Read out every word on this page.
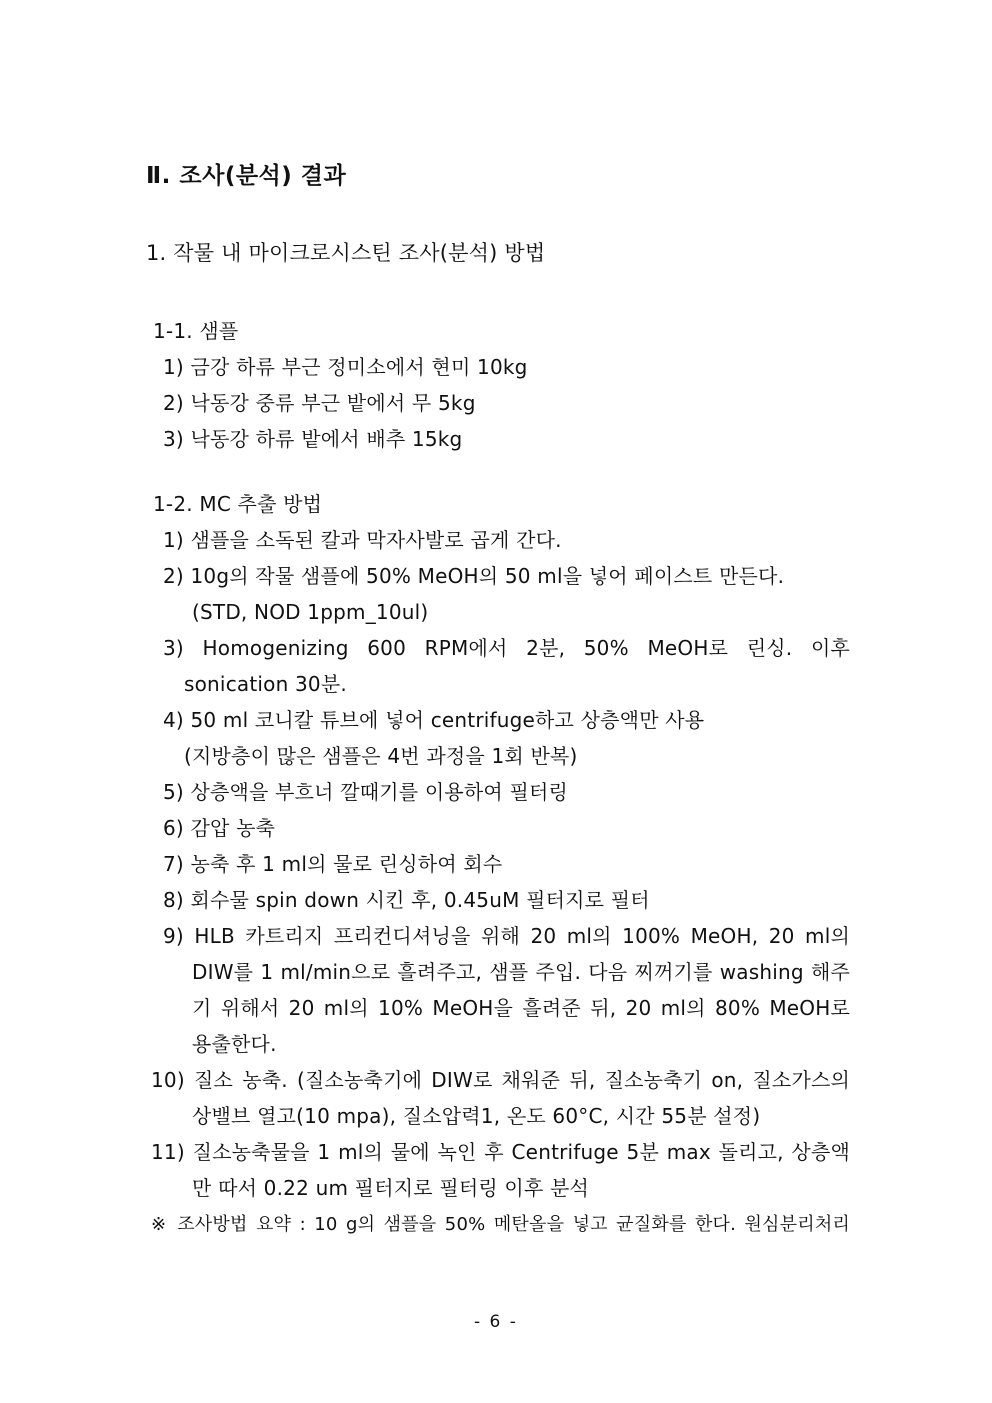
Ⅱ. 조사(분석) 결과
1. 작물 내 마이크로시스틴 조사(분석) 방법
1-1. 샘플
1) 금강 하류 부근 정미소에서 현미 10kg
2) 낙동강 중류 부근 밭에서 무 5kg
3) 낙동강 하류 밭에서 배추 15kg
1-2. MC 추출 방법
1) 샘플을 소독된 칼과 막자사발로 곱게 간다.
2) 10g의 작물 샘플에 50% MeOH의 50 ml을 넣어 페이스트 만든다.
(STD, NOD 1ppm_10ul)
3) Homogenizing 600 RPM에서 2분, 50% MeOH로 린싱. 이후
sonication 30분.
4) 50 ml 코니칼 튜브에 넣어 centrifuge하고 상층액만 사용
(지방층이 많은 샘플은 4번 과정을 1회 반복)
5) 상층액을 부흐너 깔때기를 이용하여 필터링
6) 감압 농축
7) 농축 후 1 ml의 물로 린싱하여 회수
8) 회수물 spin down 시킨 후, 0.45uM 필터지로 필터
9) HLB 카트리지 프리컨디셔닝을 위해 20 ml의 100% MeOH, 20 ml의
DIW를 1 ml/min으로 흘려주고, 샘플 주입. 다음 찌꺼기를 washing 해주
기 위해서 20 ml의 10% MeOH을 흘려준 뒤, 20 ml의 80% MeOH로
용출한다.
10) 질소 농축. (질소농축기에 DIW로 채워준 뒤, 질소농축기 on, 질소가스의
상밸브 열고(10 mpa), 질소압력1, 온도 60°C, 시간 55분 설정)
11) 질소농축물을 1 ml의 물에 녹인 후 Centrifuge 5분 max 돌리고, 상층액
만 따서 0.22 um 필터지로 필터링 이후 분석
※ 조사방법 요약 : 10 g의 샘플을 50% 메탄올을 넣고 균질화를 한다. 원심분리처리
- 6 -
